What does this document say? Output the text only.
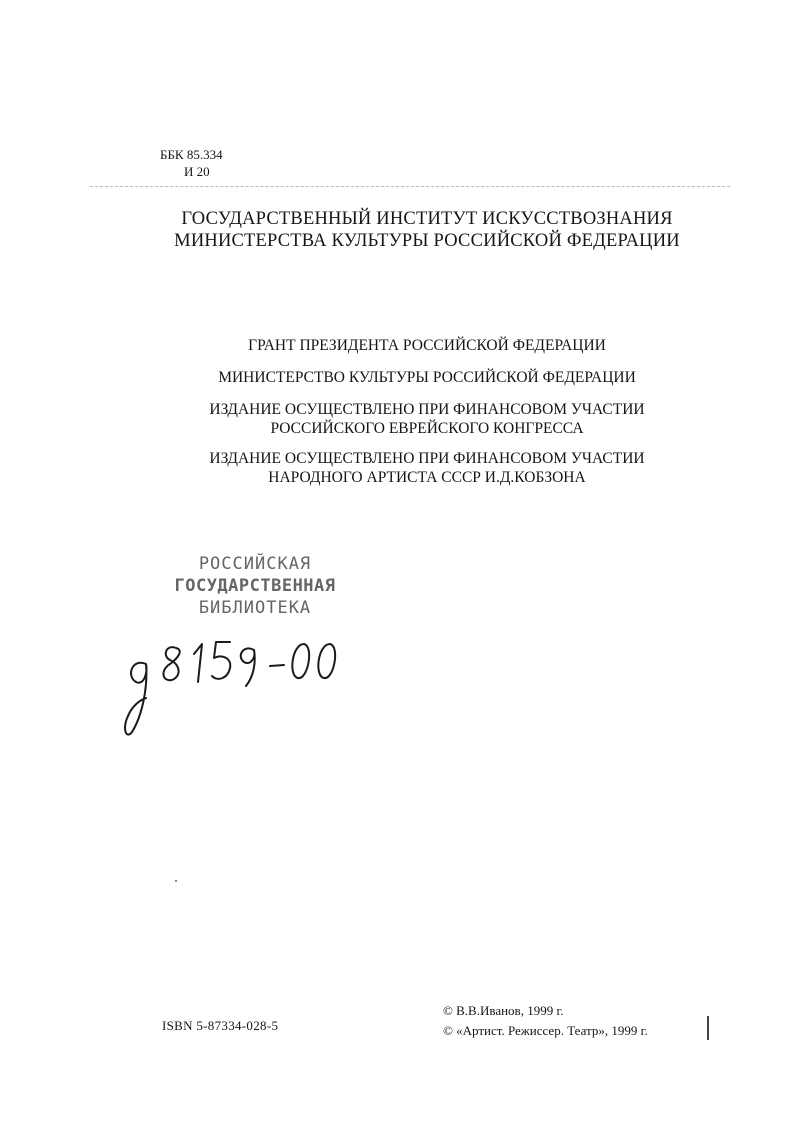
ББК 85.334
И 20
ГОСУДАРСТВЕННЫЙ ИНСТИТУТ ИСКУССТВОЗНАНИЯ
МИНИСТЕРСТВА КУЛЬТУРЫ РОССИЙСКОЙ ФЕДЕРАЦИИ
ГРАНТ ПРЕЗИДЕНТА РОССИЙСКОЙ ФЕДЕРАЦИИ
МИНИСТЕРСТВО КУЛЬТУРЫ РОССИЙСКОЙ ФЕДЕРАЦИИ
ИЗДАНИЕ ОСУЩЕСТВЛЕНО ПРИ ФИНАНСОВОМ УЧАСТИИ
РОССИЙСКОГО ЕВРЕЙСКОГО КОНГРЕССА
ИЗДАНИЕ ОСУЩЕСТВЛЕНО ПРИ ФИНАНСОВОМ УЧАСТИИ
НАРОДНОГО АРТИСТА СССР И.Д.КОБЗОНА
РОССИЙСКАЯ
ГОСУДАРСТВЕННАЯ
БИБЛИОТЕКА
ISBN 5-87334-028-5
© В.В.Иванов, 1999 г.
© «Артист. Режиссер. Театр», 1999 г.
